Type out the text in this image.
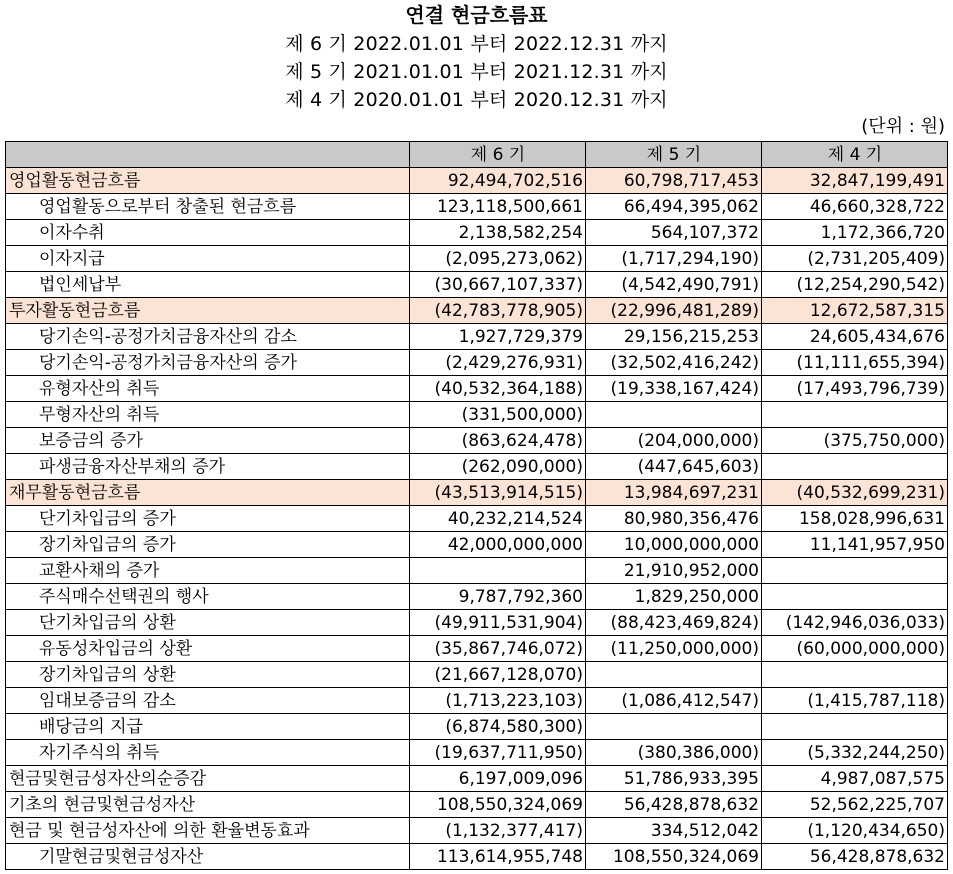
연결 현금흐름표
제 6 기 2022.01.01 부터 2022.12.31 까지
제 5 기 2021.01.01 부터 2021.12.31 까지
제 4 기 2020.01.01 부터 2020.12.31 까지
(단위 : 원)
	제 6 기	제 5 기	제 4 기
영업활동현금흐름	92,494,702,516	60,798,717,453	32,847,199,491
영업활동으로부터 창출된 현금흐름	123,118,500,661	66,494,395,062	46,660,328,722
이자수취	2,138,582,254	564,107,372	1,172,366,720
이자지급	(2,095,273,062)	(1,717,294,190)	(2,731,205,409)
법인세납부	(30,667,107,337)	(4,542,490,791)	(12,254,290,542)
투자활동현금흐름	(42,783,778,905)	(22,996,481,289)	12,672,587,315
당기손익-공정가치금융자산의 감소	1,927,729,379	29,156,215,253	24,605,434,676
당기손익-공정가치금융자산의 증가	(2,429,276,931)	(32,502,416,242)	(11,111,655,394)
유형자산의 취득	(40,532,364,188)	(19,338,167,424)	(17,493,796,739)
무형자산의 취득	(331,500,000)		
보증금의 증가	(863,624,478)	(204,000,000)	(375,750,000)
파생금융자산부채의 증가	(262,090,000)	(447,645,603)	
재무활동현금흐름	(43,513,914,515)	13,984,697,231	(40,532,699,231)
단기차입금의 증가	40,232,214,524	80,980,356,476	158,028,996,631
장기차입금의 증가	42,000,000,000	10,000,000,000	11,141,957,950
교환사채의 증가		21,910,952,000	
주식매수선택권의 행사	9,787,792,360	1,829,250,000	
단기차입금의 상환	(49,911,531,904)	(88,423,469,824)	(142,946,036,033)
유동성차입금의 상환	(35,867,746,072)	(11,250,000,000)	(60,000,000,000)
장기차입금의 상환	(21,667,128,070)		
임대보증금의 감소	(1,713,223,103)	(1,086,412,547)	(1,415,787,118)
배당금의 지급	(6,874,580,300)		
자기주식의 취득	(19,637,711,950)	(380,386,000)	(5,332,244,250)
현금및현금성자산의순증감	6,197,009,096	51,786,933,395	4,987,087,575
기초의 현금및현금성자산	108,550,324,069	56,428,878,632	52,562,225,707
현금 및 현금성자산에 의한 환율변동효과	(1,132,377,417)	334,512,042	(1,120,434,650)
기말현금및현금성자산	113,614,955,748	108,550,324,069	56,428,878,632
